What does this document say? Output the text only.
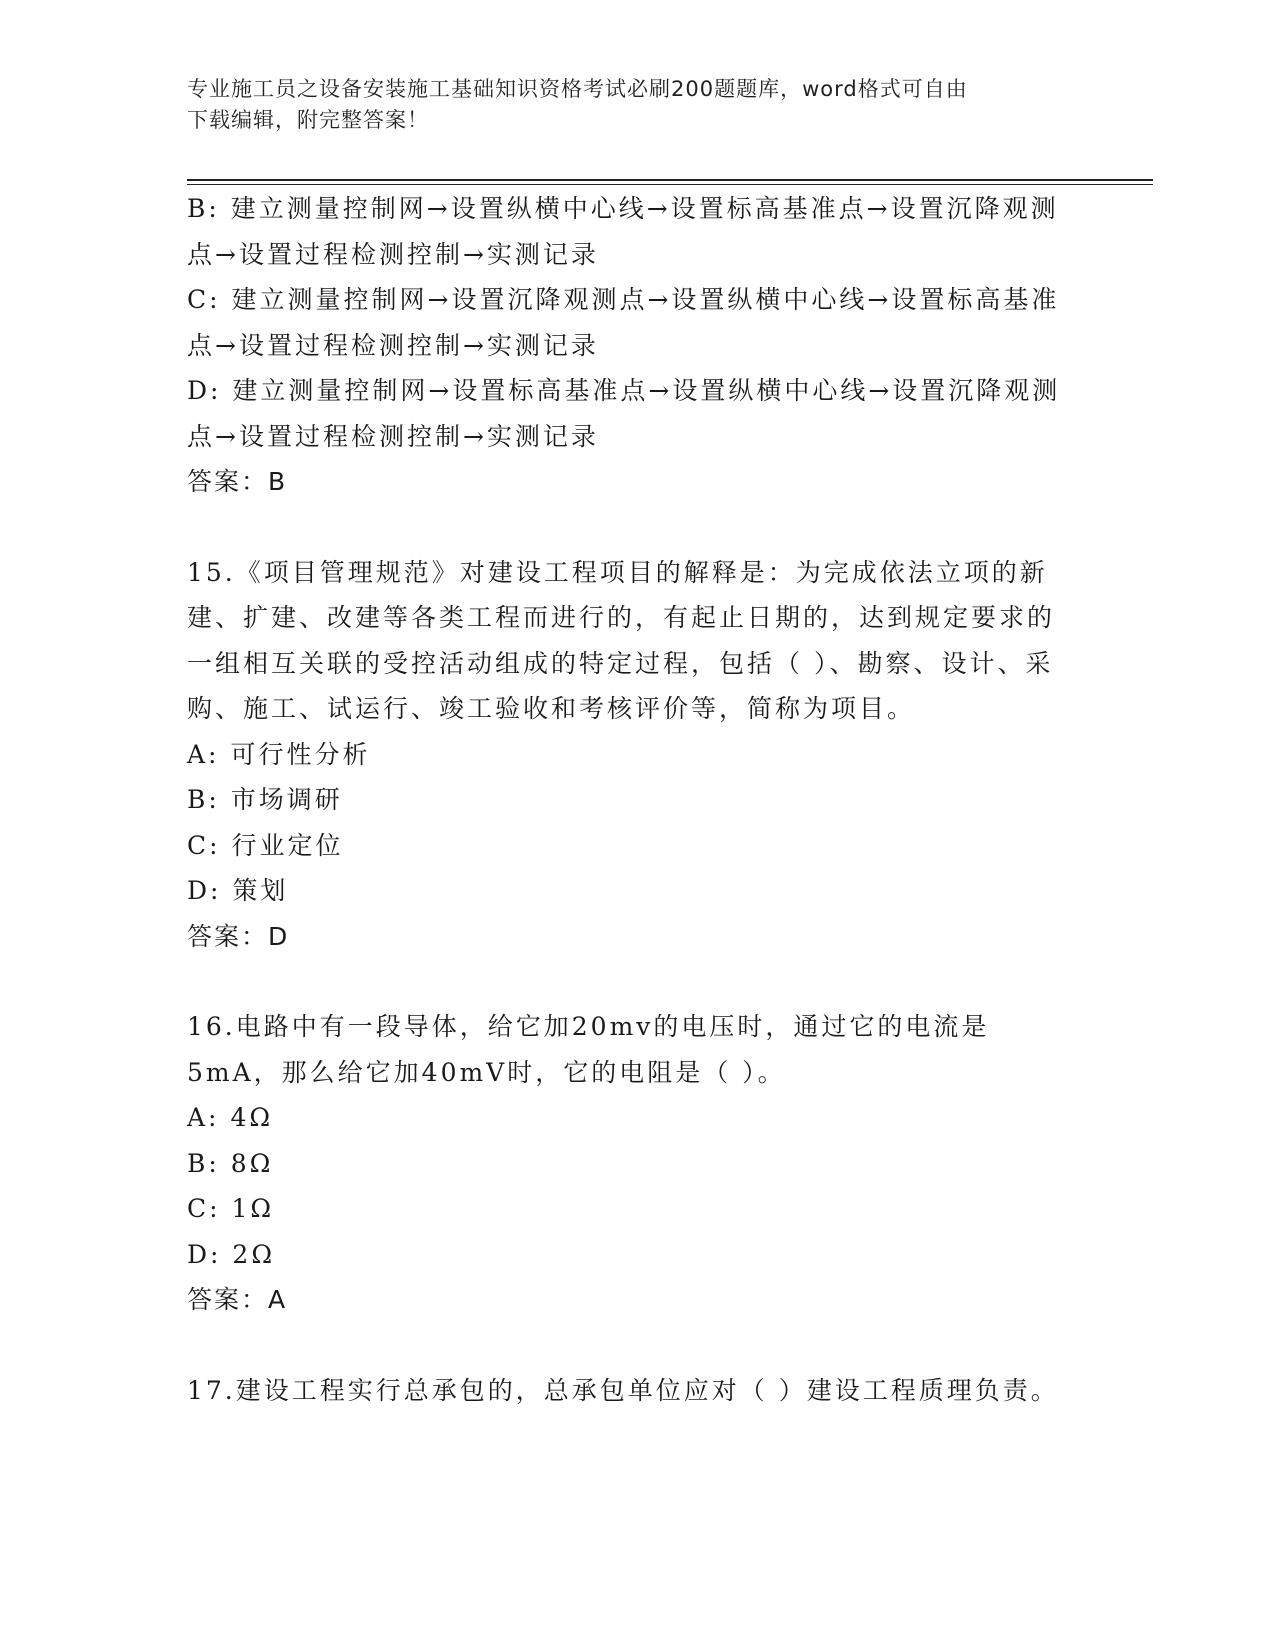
专业施工员之设备安装施工基础知识资格考试必刷200题题库，word格式可自由
下载编辑，附完整答案！

B: 建立测量控制网→设置纵横中心线→设置标高基准点→设置沉降观测点→设置过程检测控制→实测记录

C: 建立测量控制网→设置沉降观测点→设置纵横中心线→设置标高基准点→设置过程检测控制→实测记录

D: 建立测量控制网→设置标高基准点→设置纵横中心线→设置沉降观测点→设置过程检测控制→实测记录

答案：B

15.《项目管理规范》对建设工程项目的解释是：为完成依法立项的新建、扩建、改建等各类工程而进行的，有起止日期的，达到规定要求的一组相互关联的受控活动组成的特定过程，包括（ ）、勘察、设计、采购、施工、试运行、竣工验收和考核评价等，简称为项目。

A: 可行性分析

B: 市场调研

C: 行业定位

D: 策划

答案：D

16.电路中有一段导体，给它加20mv的电压时，通过它的电流是5mA，那么给它加40mV时，它的电阻是（ ）。

A: 4Ω

B: 8Ω

C: 1Ω

D: 2Ω

答案：A

17.建设工程实行总承包的，总承包单位应对（ ）建设工程质理负责。
